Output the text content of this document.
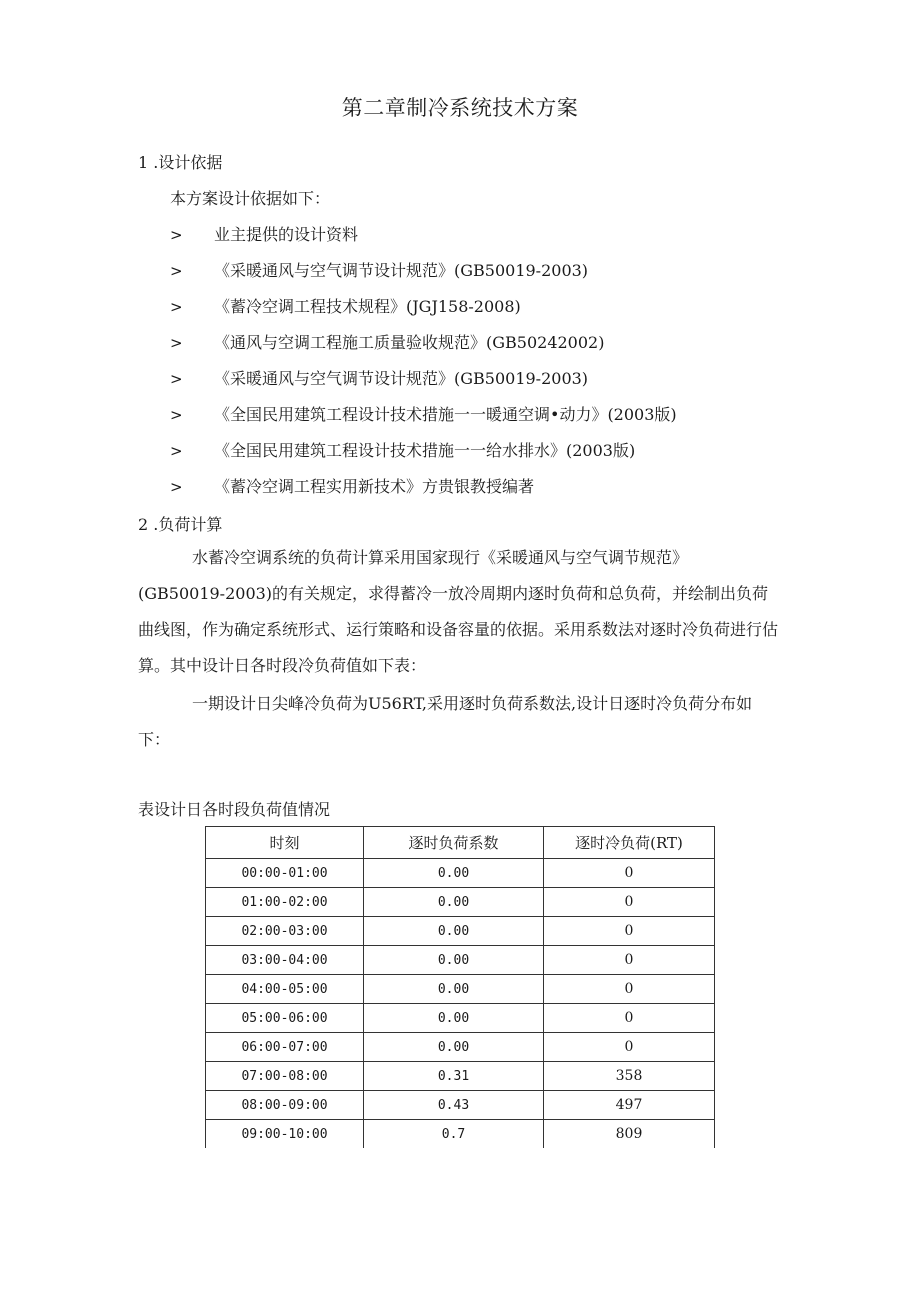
第二章制冷系统技术方案
1 .设计依据
本方案设计依据如下：
> 业主提供的设计资料
> 《采暖通风与空气调节设计规范》(GB50019-2003)
> 《蓄冷空调工程技术规程》(JGJ158-2008)
> 《通风与空调工程施工质量验收规范》(GB50242002)
> 《采暖通风与空气调节设计规范》(GB50019-2003)
> 《全国民用建筑工程设计技术措施一一暖通空调•动力》(2003版)
> 《全国民用建筑工程设计技术措施一一给水排水》(2003版)
> 《蓄冷空调工程实用新技术》方贵银教授编著
2 .负荷计算

水蓄冷空调系统的负荷计算采用国家现行《采暖通风与空气调节规范》

(GB50019-2003)的有关规定，求得蓄冷一放冷周期内逐时负荷和总负荷，并绘制出负荷曲线图，作为确定系统形式、运行策略和设备容量的依据。采用系数法对逐时冷负荷进行估算。其中设计日各时段冷负荷值如下表：

一期设计日尖峰冷负荷为U56RT,采用逐时负荷系数法,设计日逐时冷负荷分布如下：

表设计日各时段负荷值情况
时刻	逐时负荷系数	逐时冷负荷(RT)
00:00-01:00	0.00	0
01:00-02:00	0.00	0
02:00-03:00	0.00	0
03:00-04:00	0.00	0
04:00-05:00	0.00	0
05:00-06:00	0.00	0
06:00-07:00	0.00	0
07:00-08:00	0.31	358
08:00-09:00	0.43	497
09:00-10:00	0.7	809
